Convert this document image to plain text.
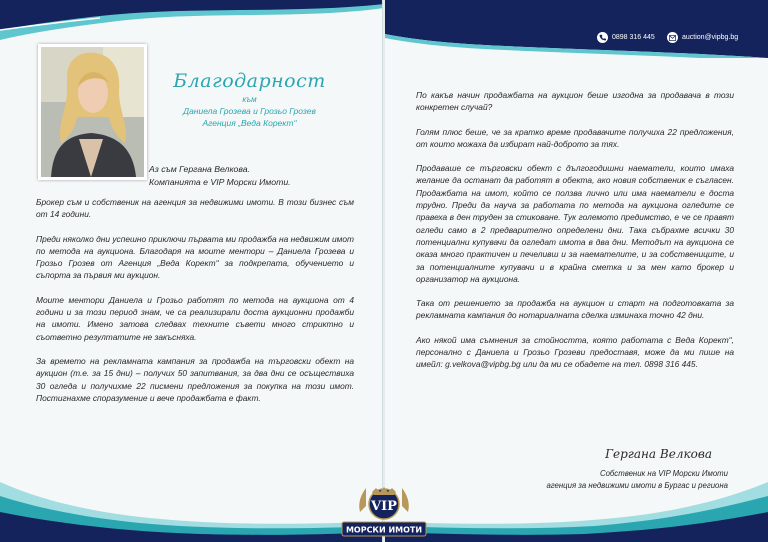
Благодарност
към
Даниела Грозева и Грозьо Грозев
Агенция „Веда Коректʺ
Аз съм Гергана Велкова.
Компанията е VIP Морски Имоти.

Брокер съм и собственик на агенция за недвижими имоти. В този бизнес съм от 14 години.

Преди няколко дни успешно приключи първата ми продажба на недвижим имот по метода на аукциона. Благодаря на моите ментори – Даниела Грозева и Грозьо Грозев от Агенция „Веда Коректʺ за подкрепата, обучението и съпорта за първия ми аукцион.

Моите ментори Даниела и Грозьо работят по метода на аукциона от 4 години и за този период знам, че са реализирали доста аукционни продажби на имоти. Имено затова следвах техните съвети много стриктно и съответно резултатите не закъсняха.

За времето на рекламната кампания за продажба на търговски обект на аукцион (т.е. за 15 дни) – получих 50 запитвания, за два дни се осъществиха 30 огледа и получихме 22 писмени предложения за покупка на този имот. Постигнахме споразумение и вече продажбата е факт.

0898 316 445	auction@vipbg.bg

По какъв начин продажбата на аукцион беше изгодна за продавача в този конкретен случай?

Голям плюс беше, че за кратко време продавачите получиха 22 предложения, от които можаха да избират най-доброто за тях.

Продаваше се търговски обект с дългогодишни наематели, които имаха желание да останат да работят в обекта, ако новия собственик е съгласен. Продажбата на имот, който се ползва лично или има наематели е доста трудно. Преди да науча за работата по метода на аукциона огледите се правеха в ден труден за стиковане. Тук големото предимство, е че се правят огледи само в 2 предварително определени дни. Така събрахме всички 30 потенциални купувачи да огледат имота в два дни. Методът на аукциона се оказа много практичен и печеливш и за наемателите, и за собствениците, и за потенциалните купувачи и в крайна сметка и за мен като брокер и организатор на аукциона.

Така от решението за продажба на аукцион и старт на подготовката за рекламната кампания до нотариалната сделка изминаха точно 42 дни.

Ако някой има съмнения за стойността, която работата с Веда Коректʺ, персонално с Даниела и Грозьо Грозеви предоставя, може да ми пише на имейл: g.velkova@vipbg.bg или да ми се обадете на тел. 0898 316 445.

Гергана Велкова
Собственик на VIP Морски Имоти
агенция за недвижими имоти в Бургас и региона
VIP
МОРСКИ ИМОТИ
